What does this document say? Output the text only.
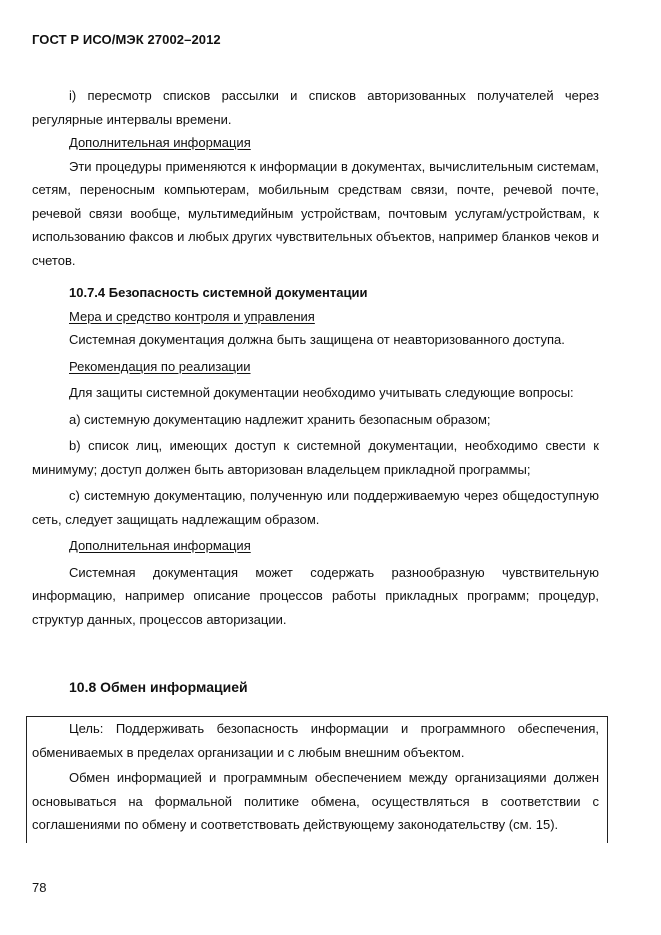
ГОСТ Р ИСО/МЭК 27002–2012

i) пересмотр списков рассылки и списков авторизованных получателей через регулярные интервалы времени.

Дополнительная информация

Эти процедуры применяются к информации в документах, вычислительным системам, сетям, переносным компьютерам, мобильным средствам связи, почте, речевой почте, речевой связи вообще, мультимедийным устройствам, почтовым услугам/устройствам, к использованию факсов и любых других чувствительных объектов, например бланков чеков и счетов.

10.7.4 Безопасность системной документации
Мера и средство контроля и управления

Системная документация должна быть защищена от неавторизованного доступа.

Рекомендация по реализации

Для защиты системной документации необходимо учитывать следующие вопросы:

a) системную документацию надлежит хранить безопасным образом;

b) список лиц, имеющих доступ к системной документации, необходимо свести к минимуму; доступ должен быть авторизован владельцем прикладной программы;

c) системную документацию, полученную или поддерживаемую через общедоступную сеть, следует защищать надлежащим образом.

Дополнительная информация

Системная документация может содержать разнообразную чувствительную информацию, например описание процессов работы прикладных программ; процедур, структур данных, процессов авторизации.

10.8 Обмен информацией

Цель: Поддерживать безопасность информации и программного обеспечения, обмениваемых в пределах организации и с любым внешним объектом.

Обмен информацией и программным обеспечением между организациями должен основываться на формальной политике обмена, осуществляться в соответствии с соглашениями по обмену и соответствовать действующему законодательству (см. 15).

78
